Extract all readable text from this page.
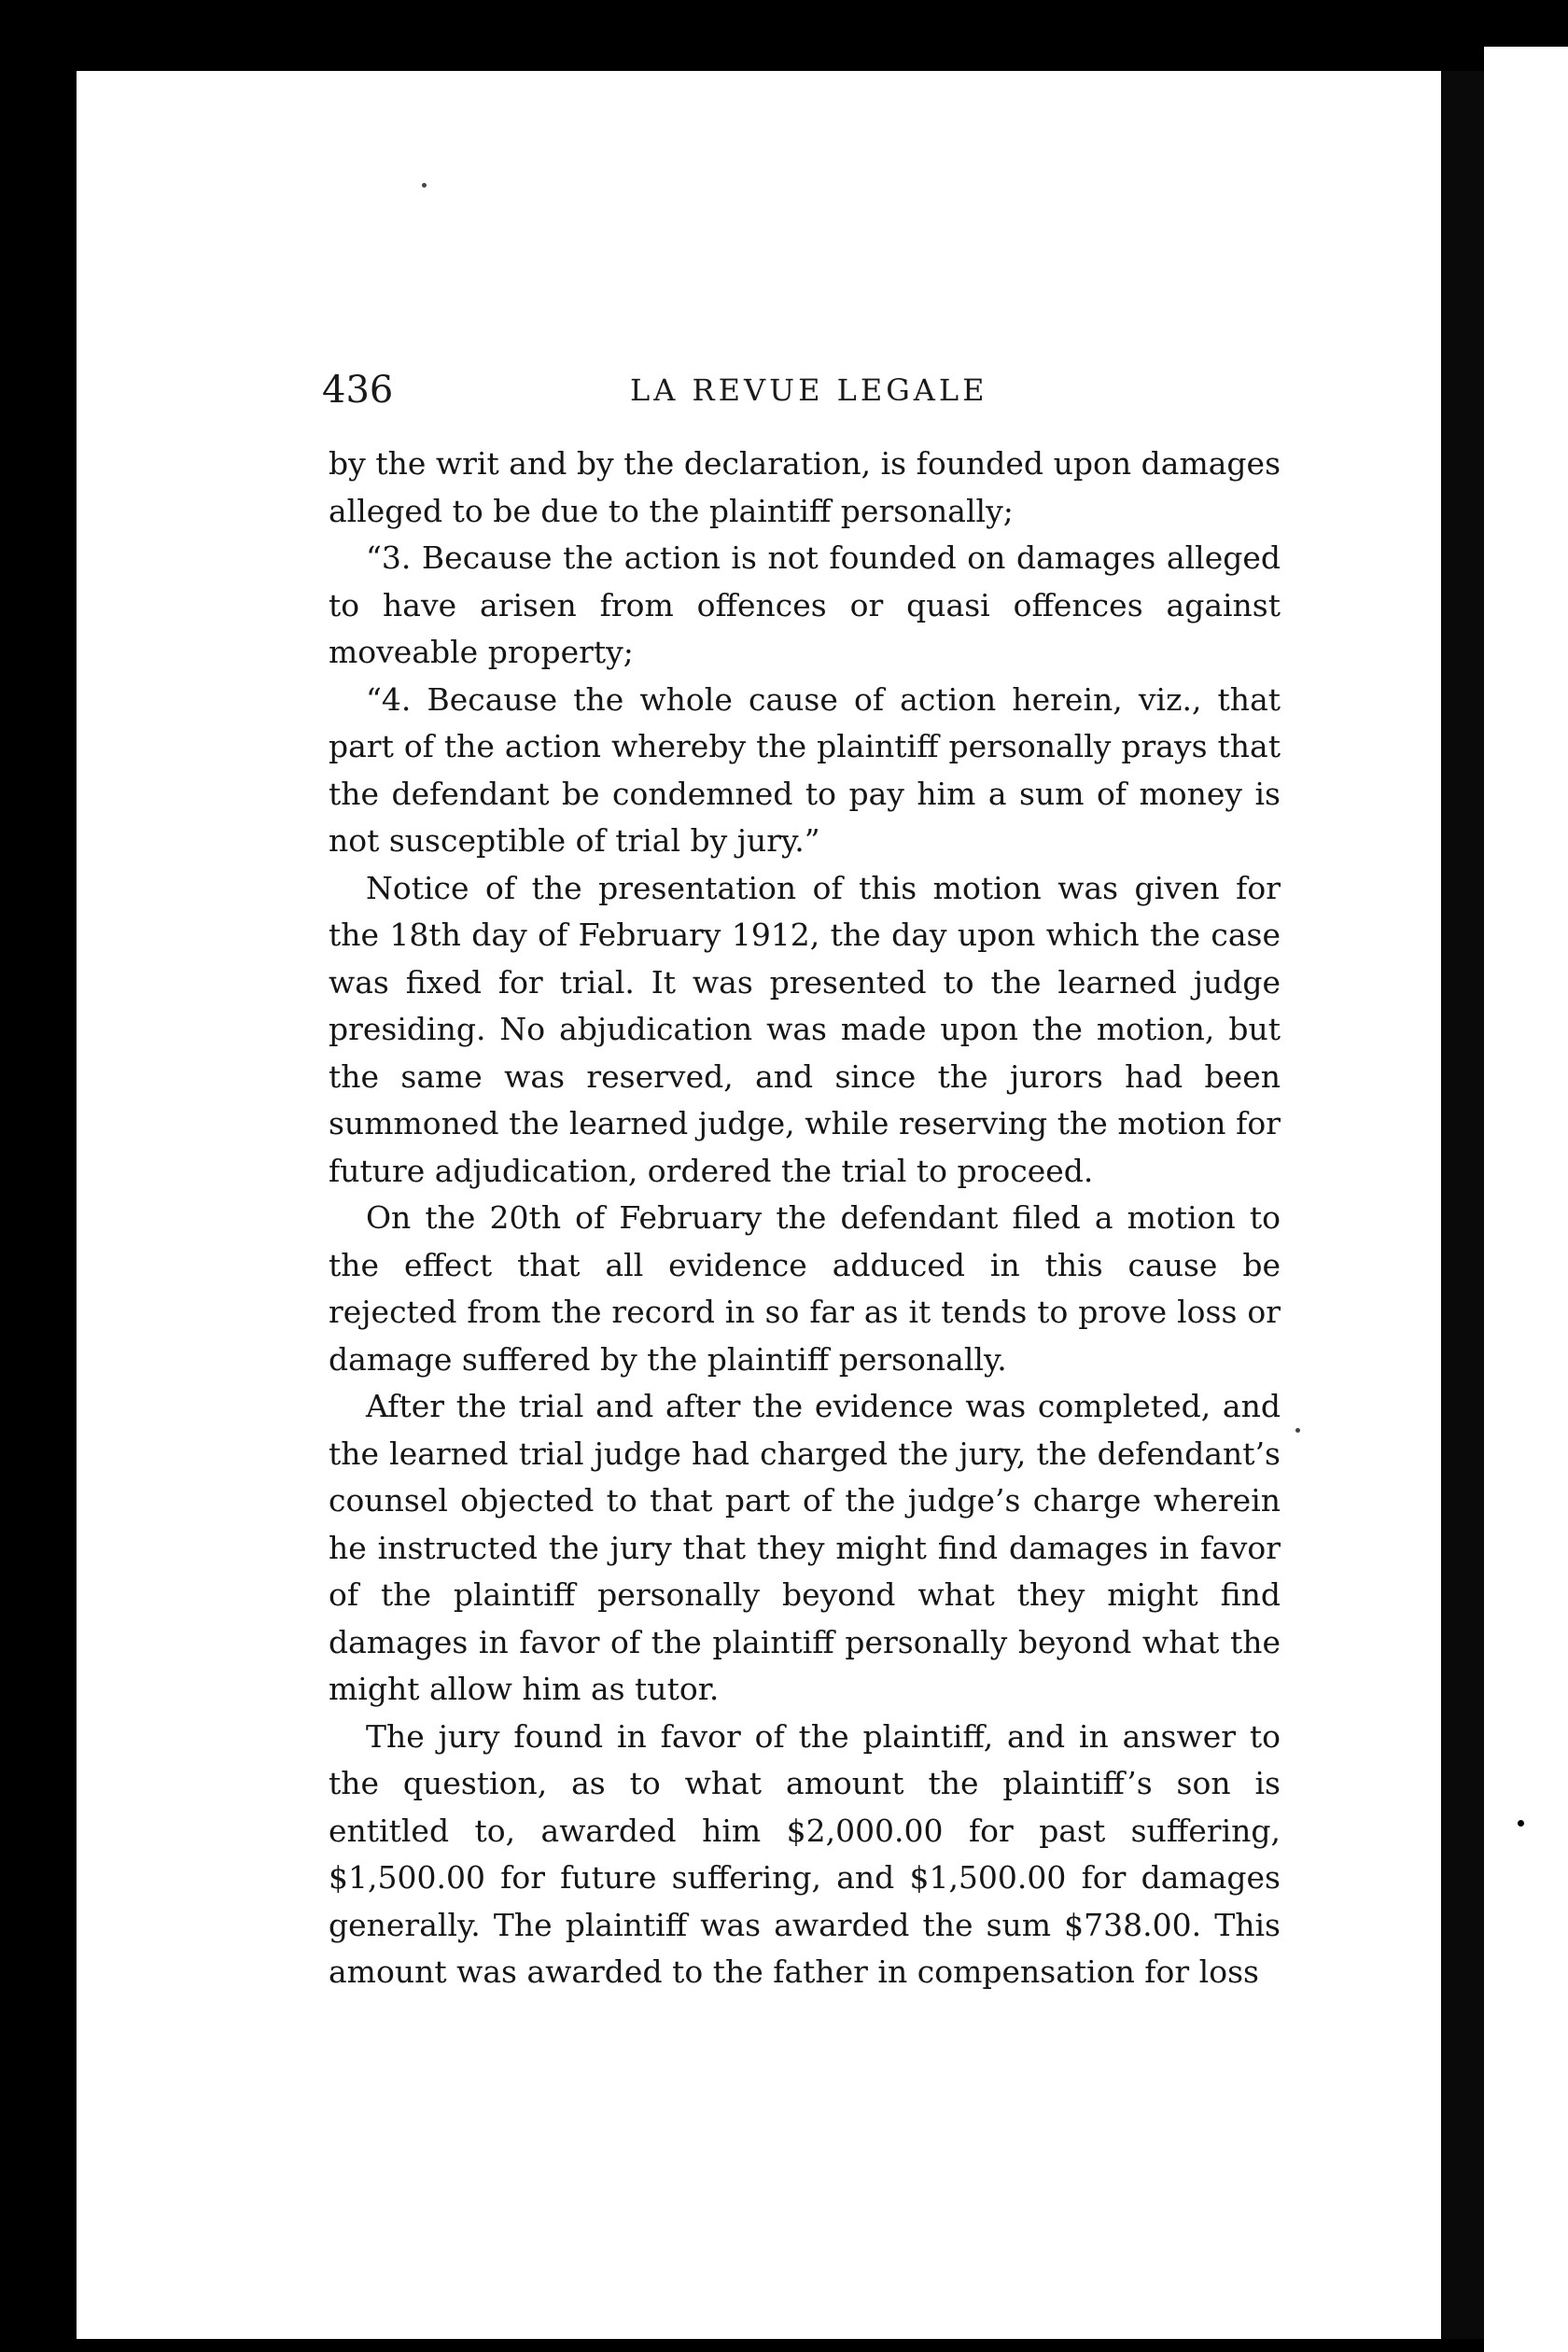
436	LA REVUE LEGALE

by the writ and by the declaration, is founded upon damages alleged to be due to the plaintiff personally;

“3. Because the action is not founded on damages alleged to have arisen from offences or quasi offences against moveable property;

“4. Because the whole cause of action herein, viz., that part of the action whereby the plaintiff personally prays that the defendant be condemned to pay him a sum of money is not susceptible of trial by jury.”

Notice of the presentation of this motion was given for the 18th day of February 1912, the day upon which the case was fixed for trial. It was presented to the learned judge presiding. No abjudication was made upon the motion, but the same was reserved, and since the jurors had been summoned the learned judge, while reserving the motion for future adjudication, ordered the trial to proceed.

On the 20th of February the defendant filed a motion to the effect that all evidence adduced in this cause be rejected from the record in so far as it tends to prove loss or damage suffered by the plaintiff personally.

After the trial and after the evidence was completed, and the learned trial judge had charged the jury, the defendant’s counsel objected to that part of the judge’s charge wherein he instructed the jury that they might find damages in favor of the plaintiff personally beyond what they might find damages in favor of the plaintiff personally beyond what the might allow him as tutor.

The jury found in favor of the plaintiff, and in answer to the question, as to what amount the plaintiff’s son is entitled to, awarded him $2,000.00 for past suffering, $1,500.00 for future suffering, and $1,500.00 for damages generally. The plaintiff was awarded the sum $738.00. This amount was awarded to the father in compensation for loss
